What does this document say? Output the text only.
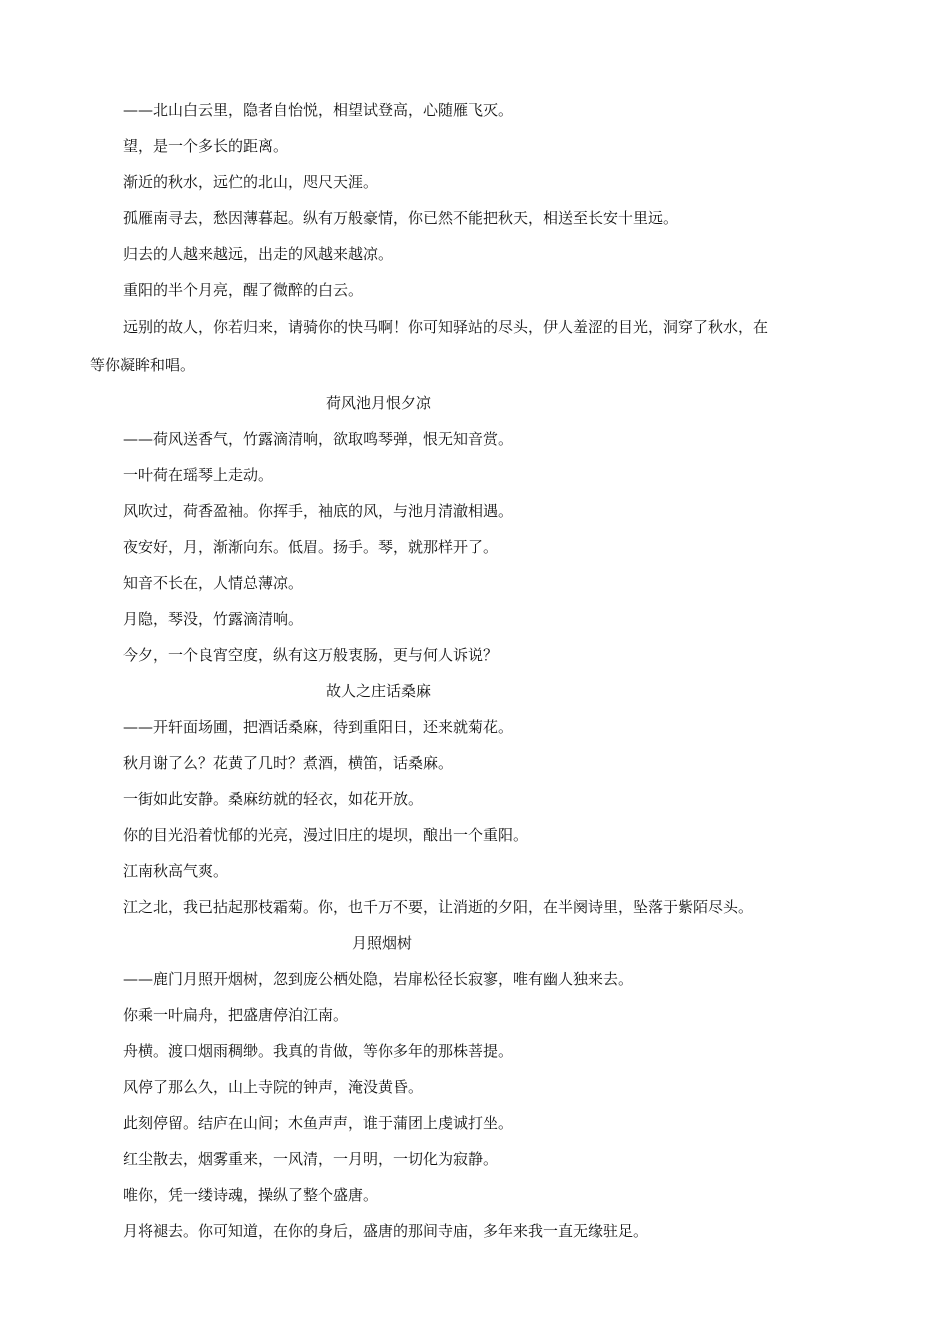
——北山白云里，隐者自怡悦，相望试登高，心随雁飞灭。
望，是一个多长的距离。
渐近的秋水，远伫的北山，咫尺天涯。
孤雁南寻去，愁因薄暮起。纵有万般豪情，你已然不能把秋天，相送至长安十里远。
归去的人越来越远，出走的风越来越凉。
重阳的半个月亮，醒了微醉的白云。
远别的故人，你若归来，请骑你的快马啊！你可知驿站的尽头，伊人羞涩的目光，洞穿了秋水，在
等你凝眸和唱。
荷风池月恨夕凉
——荷风送香气，竹露滴清响，欲取鸣琴弹，恨无知音赏。
一叶荷在瑶琴上走动。
风吹过，荷香盈袖。你挥手，袖底的风，与池月清澈相遇。
夜安好，月，渐渐向东。低眉。扬手。琴，就那样开了。
知音不长在，人情总薄凉。
月隐，琴没，竹露滴清响。
今夕，一个良宵空度，纵有这万般衷肠，更与何人诉说？
故人之庄话桑麻
——开轩面场圃，把酒话桑麻，待到重阳日，还来就菊花。
秋月谢了么？花黄了几时？煮酒，横笛，话桑麻。
一街如此安静。桑麻纺就的轻衣，如花开放。
你的目光沿着忧郁的光亮，漫过旧庄的堤坝，酿出一个重阳。
江南秋高气爽。
江之北，我已拈起那枝霜菊。你，也千万不要，让消逝的夕阳，在半阕诗里，坠落于紫陌尽头。
月照烟树
——鹿门月照开烟树，忽到庞公栖处隐，岩扉松径长寂寥，唯有幽人独来去。
你乘一叶扁舟，把盛唐停泊江南。
舟横。渡口烟雨稠缈。我真的肯做，等你多年的那株菩提。
风停了那么久，山上寺院的钟声，淹没黄昏。
此刻停留。结庐在山间；木鱼声声，谁于蒲团上虔诚打坐。
红尘散去，烟雾重来，一风清，一月明，一切化为寂静。
唯你，凭一缕诗魂，操纵了整个盛唐。
月将褪去。你可知道，在你的身后，盛唐的那间寺庙，多年来我一直无缘驻足。
